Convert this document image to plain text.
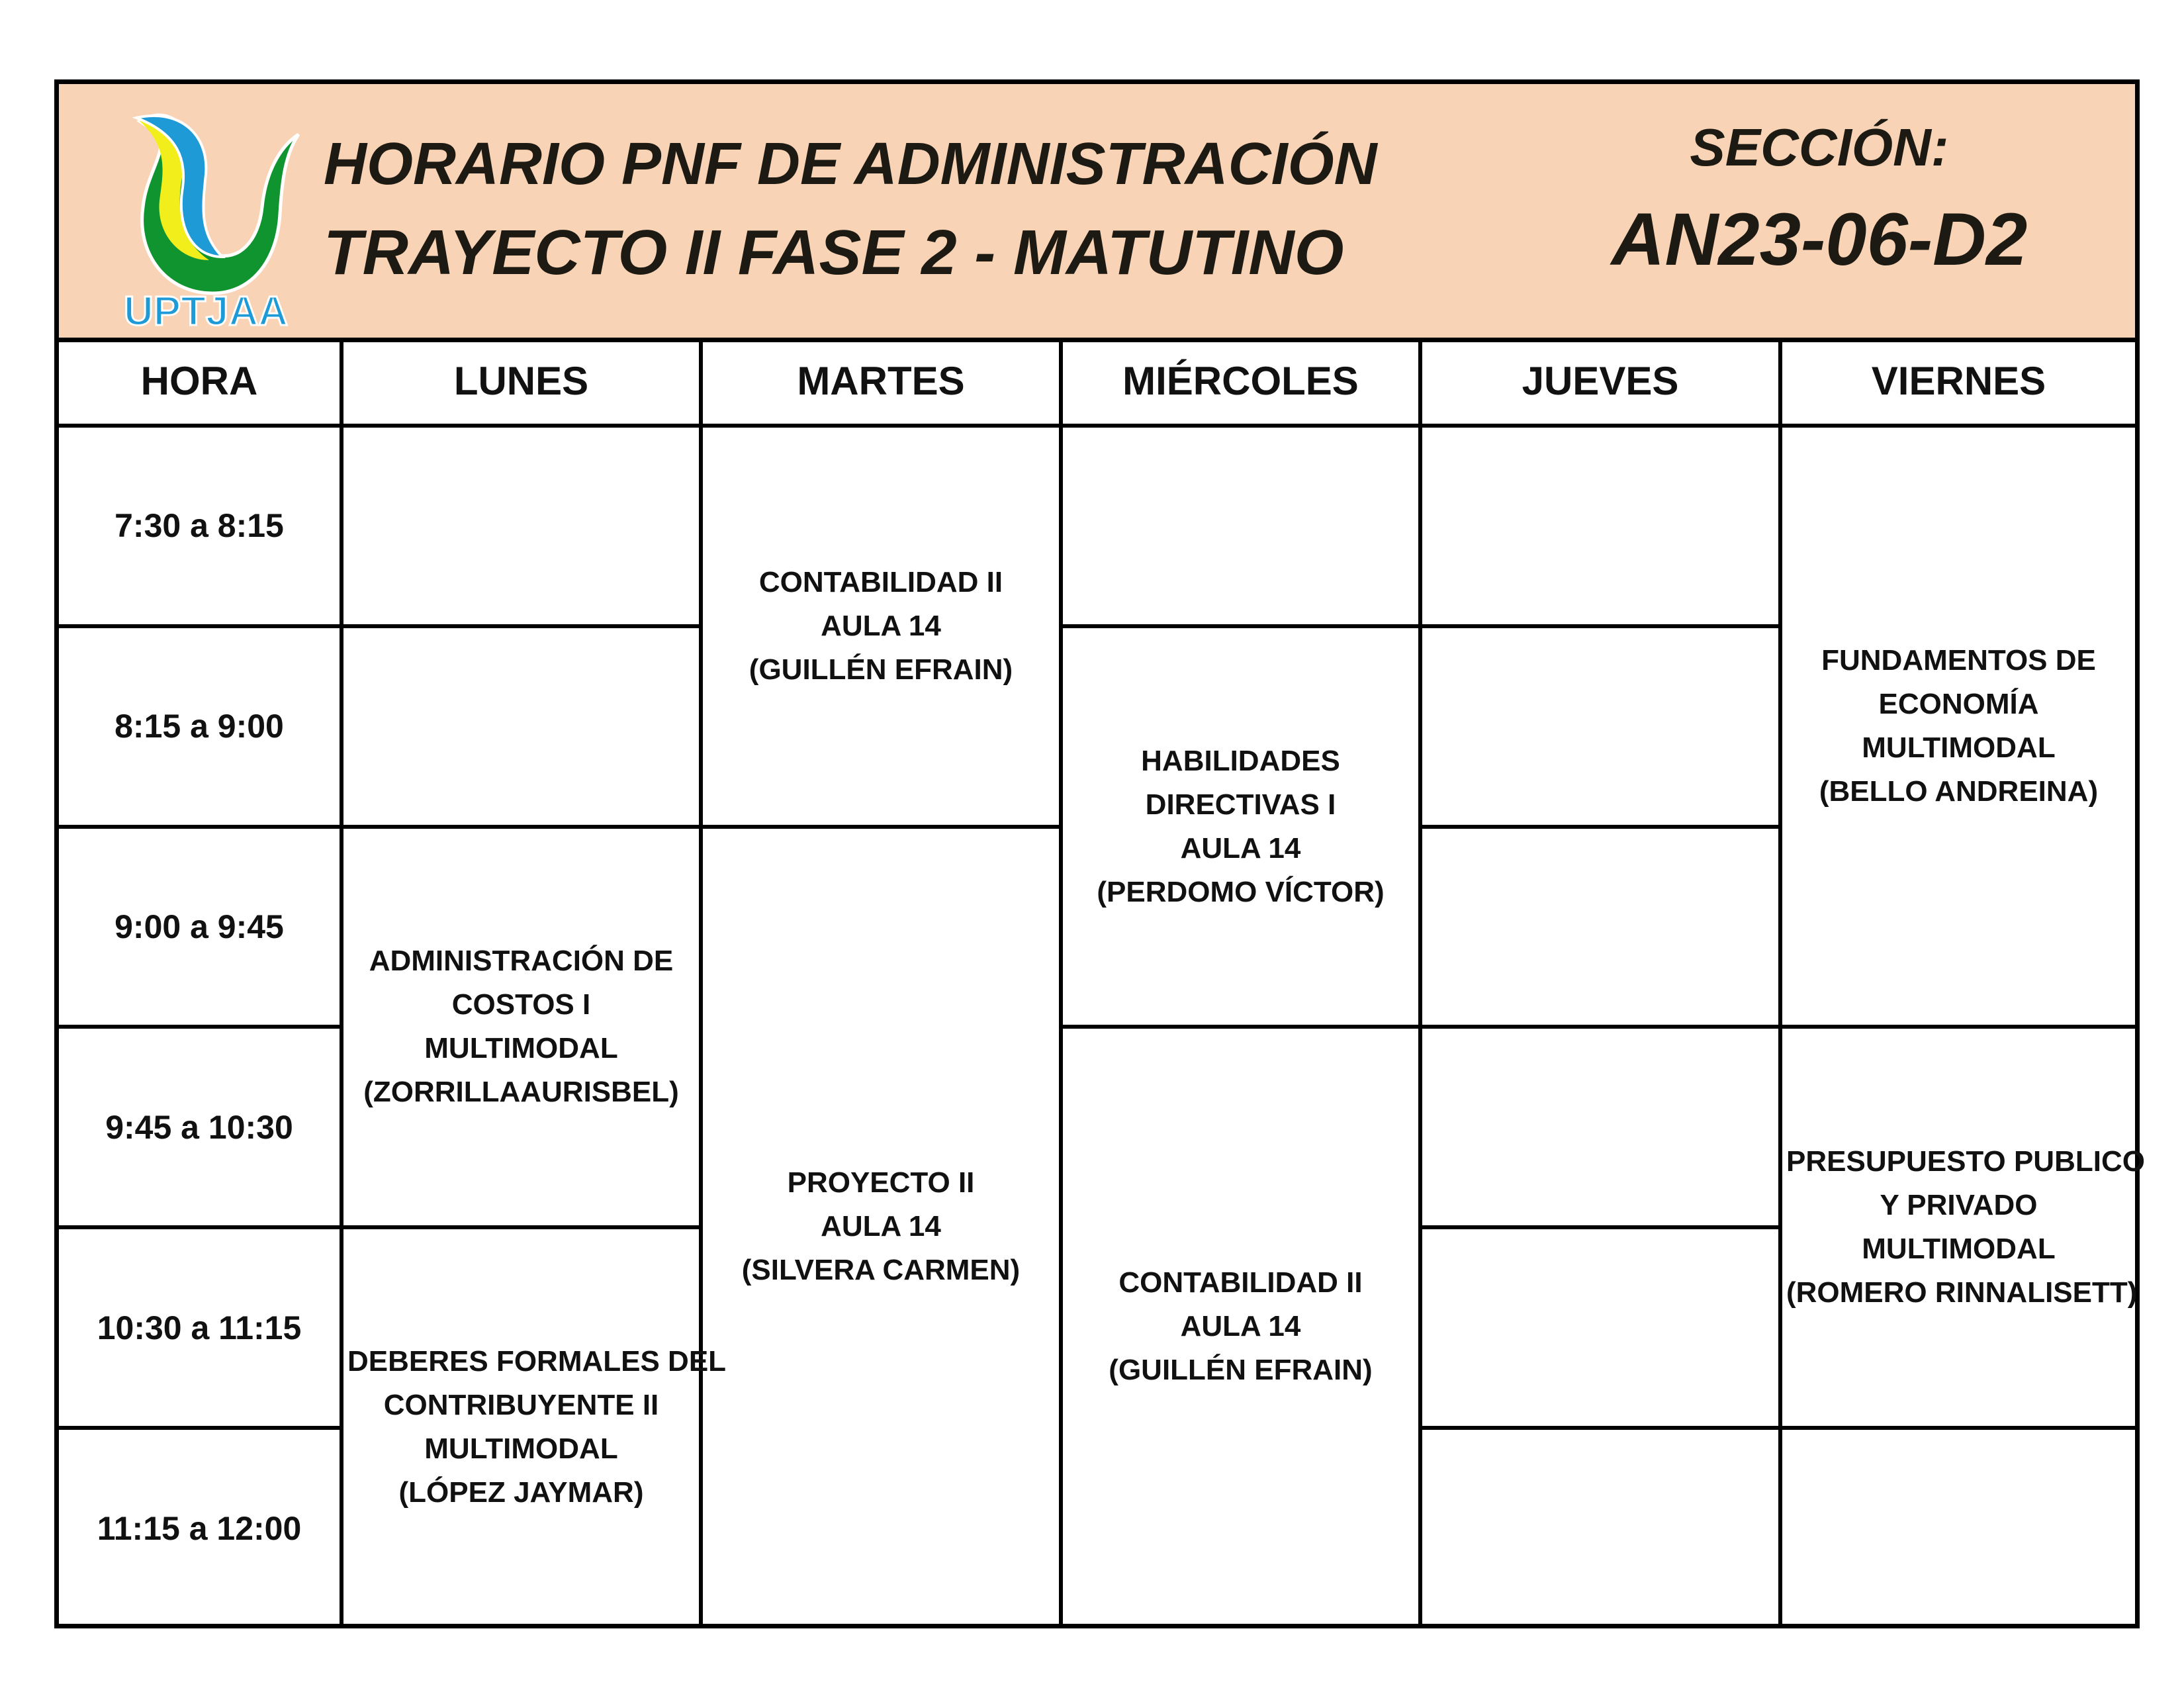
UPTJAA
HORARIO PNF DE ADMINISTRACIÓN
TRAYECTO II FASE 2 - MATUTINO
SECCIÓN:
AN23-06-D2
HORA	LUNES	MARTES	MIÉRCOLES	JUEVES	VIERNES
7:30 a 8:15		CONTABILIDAD II
AULA 14
(GUILLÉN EFRAIN)			FUNDAMENTOS DE
ECONOMÍA
MULTIMODAL
(BELLO ANDREINA)

8:15 a 9:00			HABILIDADES
DIRECTIVAS I
AULA 14
(PERDOMO VÍCTOR)		

9:00 a 9:45	ADMINISTRACIÓN DE
COSTOS I
MULTIMODAL
(ZORRILLAAURISBEL)	PROYECTO II
AULA 14
(SILVERA CARMEN)			

9:45 a 10:30			CONTABILIDAD II
AULA 14
(GUILLÉN EFRAIN)		PRESUPUESTO PUBLICO
Y PRIVADO
MULTIMODAL
(ROMERO RINNALISETT)

10:30 a 11:15	DEBERES FORMALES DEL
CONTRIBUYENTE II
MULTIMODAL
(LÓPEZ JAYMAR)				

11:15 a 12:00					
